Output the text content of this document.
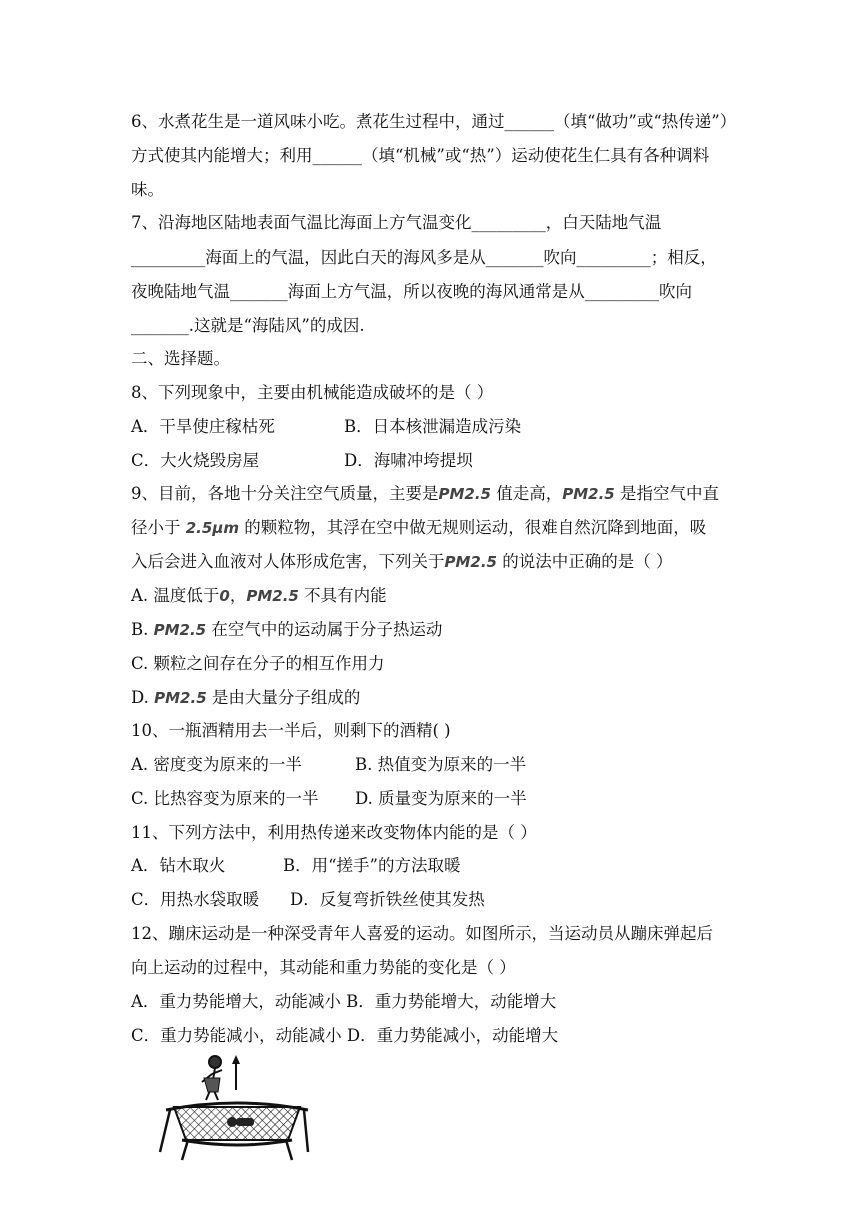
6、水煮花生是一道风味小吃。煮花生过程中，通过______（填“做功”或“热传递”）
方式使其内能增大；利用______（填“机械”或“热”）运动使花生仁具有各种调料
味。
7、沿海地区陆地表面气温比海面上方气温变化_________，白天陆地气温
_________海面上的气温，因此白天的海风多是从_______吹向_________；相反，
夜晚陆地气温_______海面上方气温，所以夜晚的海风通常是从_________吹向
_______.这就是“海陆风”的成因.
二、选择题。
8、下列现象中，主要由机械能造成破坏的是（ ）
A．干旱使庄稼枯死	B．日本核泄漏造成污染
C．大火烧毁房屋	D．海啸冲垮提坝
9、目前，各地十分关注空气质量，主要是PM2.5 值走高，PM2.5 是指空气中直
径小于 2.5μm 的颗粒物，其浮在空中做无规则运动，很难自然沉降到地面，吸
入后会进入血液对人体形成危害，下列关于PM2.5 的说法中正确的是（ ）
A. 温度低于0，PM2.5 不具有内能
B. PM2.5 在空气中的运动属于分子热运动
C. 颗粒之间存在分子的相互作用力
D. PM2.5 是由大量分子组成的
10、一瓶酒精用去一半后，则剩下的酒精( )
A. 密度变为原来的一半	B. 热值变为原来的一半
C. 比热容变为原来的一半 D. 质量变为原来的一半
11、下列方法中，利用热传递来改变物体内能的是（ ）
A．钻木取火	B．用“搓手”的方法取暖
C．用热水袋取暖 D．反复弯折铁丝使其发热
12、蹦床运动是一种深受青年人喜爱的运动。如图所示，当运动员从蹦床弹起后
向上运动的过程中，其动能和重力势能的变化是（ ）
A．重力势能增大，动能减小 B．重力势能增大，动能增大
C．重力势能减小，动能减小 D．重力势能减小，动能增大
